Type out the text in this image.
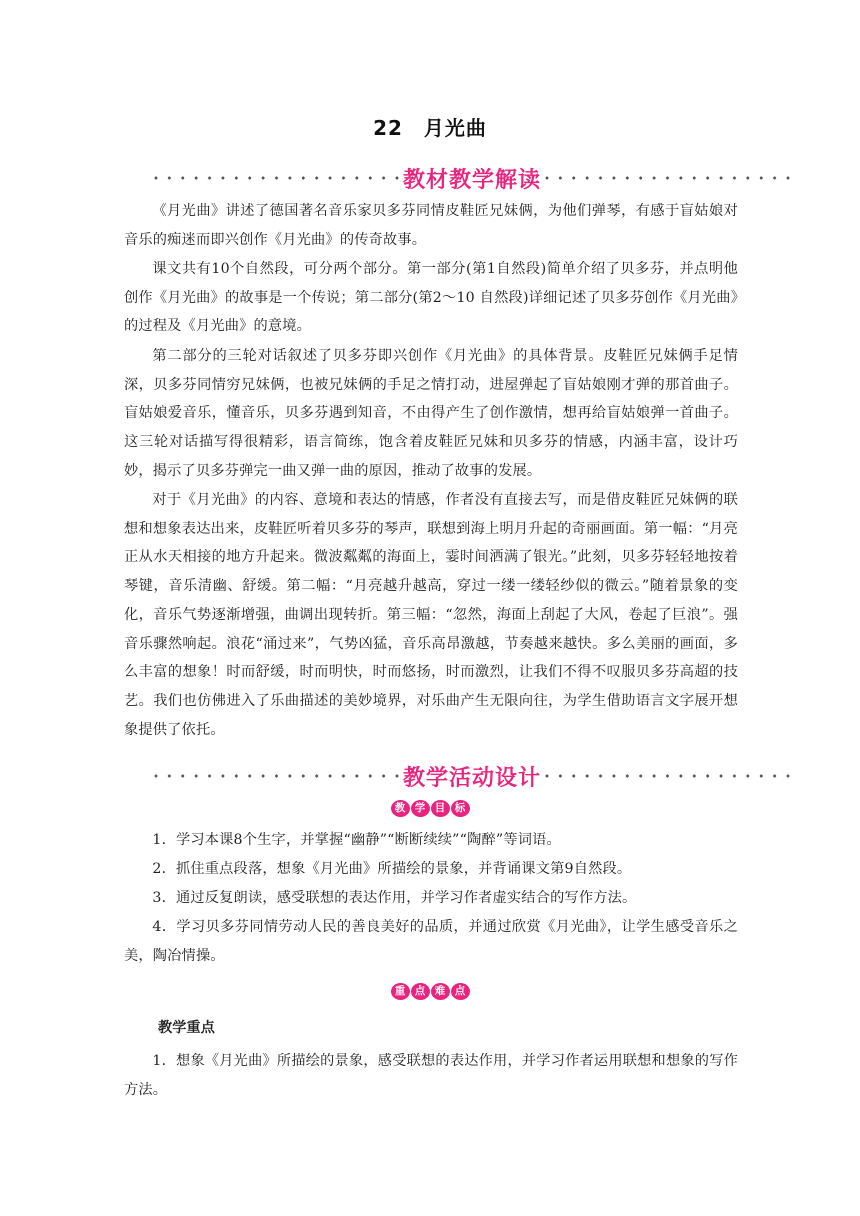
22　月光曲
教材教学解读

《月光曲》讲述了德国著名音乐家贝多芬同情皮鞋匠兄妹俩，为他们弹琴，有感于盲姑娘对音乐的痴迷而即兴创作《月光曲》的传奇故事。

课文共有10个自然段，可分两个部分。第一部分(第1自然段)简单介绍了贝多芬，并点明他创作《月光曲》的故事是一个传说；第二部分(第2～10 自然段)详细记述了贝多芬创作《月光曲》的过程及《月光曲》的意境。

第二部分的三轮对话叙述了贝多芬即兴创作《月光曲》的具体背景。皮鞋匠兄妹俩手足情深，贝多芬同情穷兄妹俩，也被兄妹俩的手足之情打动，进屋弹起了盲姑娘刚才弹的那首曲子。盲姑娘爱音乐，懂音乐，贝多芬遇到知音，不由得产生了创作激情，想再给盲姑娘弹一首曲子。这三轮对话描写得很精彩，语言简练，饱含着皮鞋匠兄妹和贝多芬的情感，内涵丰富，设计巧妙，揭示了贝多芬弹完一曲又弹一曲的原因，推动了故事的发展。

对于《月光曲》的内容、意境和表达的情感，作者没有直接去写，而是借皮鞋匠兄妹俩的联想和想象表达出来，皮鞋匠听着贝多芬的琴声，联想到海上明月升起的奇丽画面。第一幅：“月亮正从水天相接的地方升起来。微波粼粼的海面上，霎时间洒满了银光。”此刻，贝多芬轻轻地按着琴键，音乐清幽、舒缓。第二幅：“月亮越升越高，穿过一缕一缕轻纱似的微云。”随着景象的变化，音乐气势逐渐增强，曲调出现转折。第三幅：“忽然，海面上刮起了大风，卷起了巨浪”。强音乐骤然响起。浪花“涌过来”，气势凶猛，音乐高昂激越，节奏越来越快。多么美丽的画面，多么丰富的想象！时而舒缓，时而明快，时而悠扬，时而激烈，让我们不得不叹服贝多芬高超的技艺。我们也仿佛进入了乐曲描述的美妙境界，对乐曲产生无限向往，为学生借助语言文字展开想象提供了依托。

教学活动设计
教 学 目 标

1．学习本课8个生字，并掌握“幽静”“断断续续”“陶醉”等词语。

2．抓住重点段落，想象《月光曲》所描绘的景象，并背诵课文第9自然段。

3．通过反复朗读，感受联想的表达作用，并学习作者虚实结合的写作方法。

4．学习贝多芬同情劳动人民的善良美好的品质，并通过欣赏《月光曲》，让学生感受音乐之美，陶冶情操。

重 点 难 点
教学重点

1．想象《月光曲》所描绘的景象，感受联想的表达作用，并学习作者运用联想和想象的写作方法。
